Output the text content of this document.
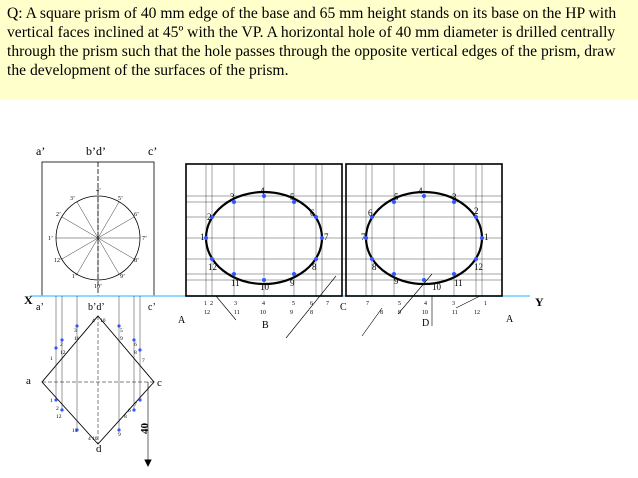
Q: A square prism of 40 mm edge of the base and 65 mm height stands on its base on the HP with vertical faces inclined at 45º with the VP. A horizontal hole of 40 mm diameter is drilled centrally through the prism such that the hole passes through the opposite vertical edges of the prism, draw the development of the surfaces of the prism.

a’	b’d’	c’
4’
5’
6’
7’
8’
9’
10’
1’
12’
1’
2’
3’
X	Y
a’	b’d’	c’
a	c
d
4 10
3
11
2
12
1
5
9
6
8
7
1
2
12
11
10
9
8
7
6
4
40
1
2
3
4
5
6
7
8
9
10
11
12
1
2
3
4
5
6
7
8
9
10 11
12
1 2	3	4	5	6 7
12	11	10	9	8
7
8	9	10	11	12
5	4	3	1
A	B
C
D	A
